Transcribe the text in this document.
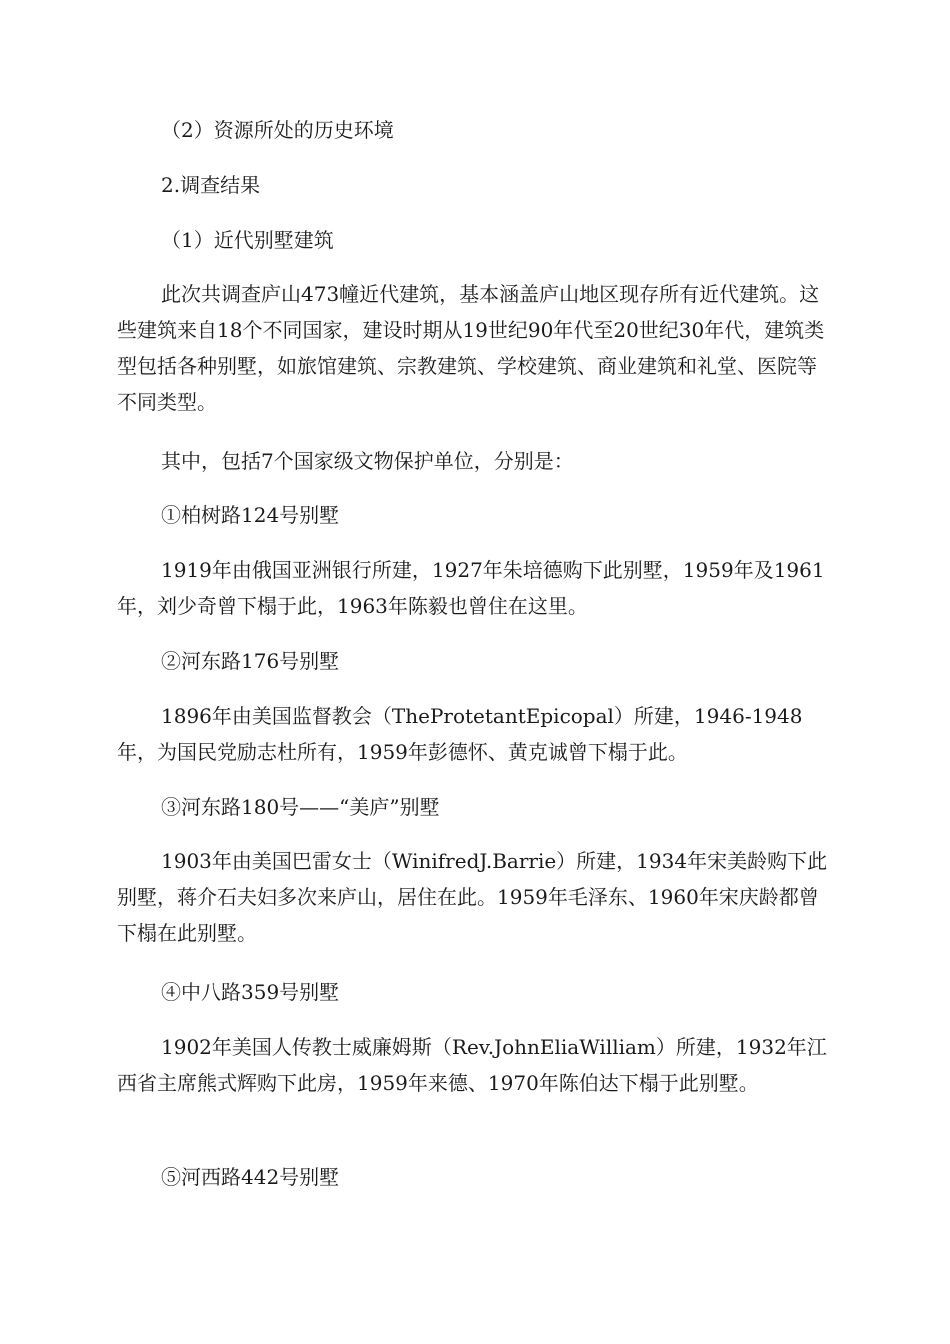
（2）资源所处的历史环境

2.调查结果

（1）近代别墅建筑

此次共调查庐山473幢近代建筑，基本涵盖庐山地区现存所有近代建筑。这些建筑来自18个不同国家，建设时期从19世纪90年代至20世纪30年代，建筑类型包括各种别墅，如旅馆建筑、宗教建筑、学校建筑、商业建筑和礼堂、医院等不同类型。

其中，包括7个国家级文物保护单位，分别是：

①柏树路124号别墅

1919年由俄国亚洲银行所建，1927年朱培德购下此别墅，1959年及1961年，刘少奇曾下榻于此，1963年陈毅也曾住在这里。

②河东路176号别墅

1896年由美国监督教会（TheProtetantEpicopal）所建，1946-1948年，为国民党励志杜所有，1959年彭德怀、黄克诚曾下榻于此。

③河东路180号——“美庐”别墅

1903年由美国巴雷女士（WinifredJ.Barrie）所建，1934年宋美龄购下此别墅，蒋介石夫妇多次来庐山，居住在此。1959年毛泽东、1960年宋庆龄都曾下榻在此别墅。

④中八路359号别墅

1902年美国人传教士威廉姆斯（Rev.JohnEliaWilliam）所建，1932年江西省主席熊式辉购下此房，1959年来德、1970年陈伯达下榻于此别墅。

⑤河西路442号别墅
